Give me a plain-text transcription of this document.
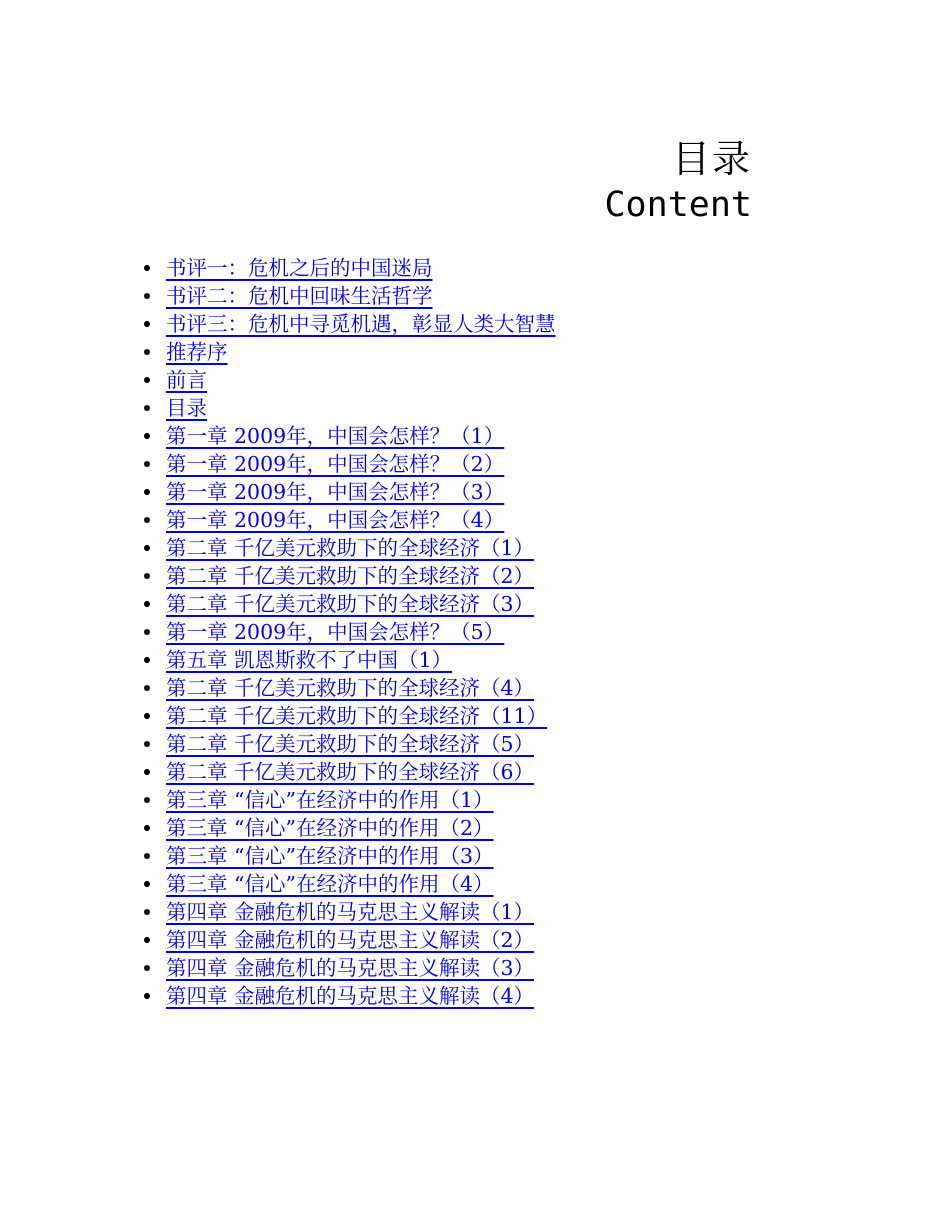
目录
Content
书评一：危机之后的中国迷局
书评二：危机中回味生活哲学
书评三：危机中寻觅机遇，彰显人类大智慧
推荐序
前言
目录
第一章 2009年，中国会怎样？（1）
第一章 2009年，中国会怎样？（2）
第一章 2009年，中国会怎样？（3）
第一章 2009年，中国会怎样？（4）
第二章 千亿美元救助下的全球经济（1）
第二章 千亿美元救助下的全球经济（2）
第二章 千亿美元救助下的全球经济（3）
第一章 2009年，中国会怎样？（5）
第五章 凯恩斯救不了中国（1）
第二章 千亿美元救助下的全球经济（4）
第二章 千亿美元救助下的全球经济（11）
第二章 千亿美元救助下的全球经济（5）
第二章 千亿美元救助下的全球经济（6）
第三章 “信心”在经济中的作用（1）
第三章 “信心”在经济中的作用（2）
第三章 “信心”在经济中的作用（3）
第三章 “信心”在经济中的作用（4）
第四章 金融危机的马克思主义解读（1）
第四章 金融危机的马克思主义解读（2）
第四章 金融危机的马克思主义解读（3）
第四章 金融危机的马克思主义解读（4）
